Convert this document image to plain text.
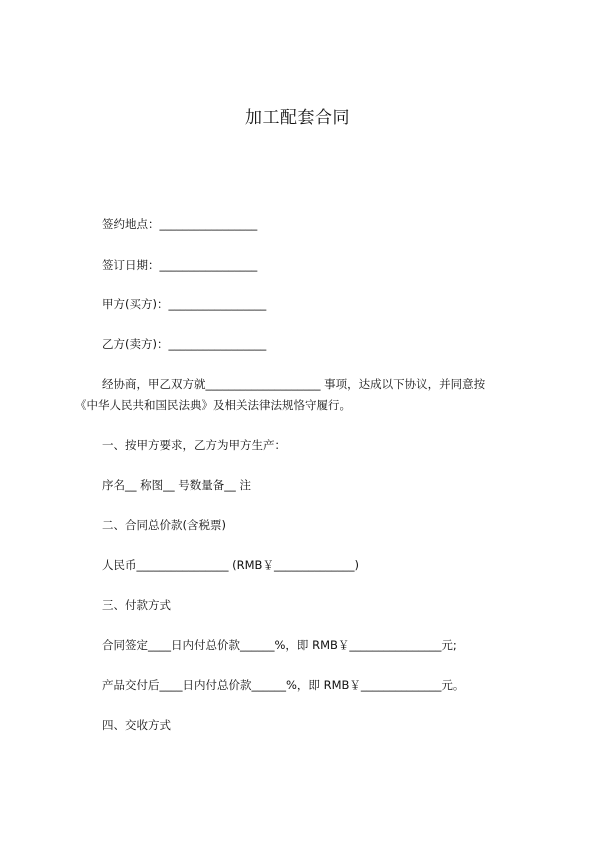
加工配套合同
签约地点：_________________
签订日期：_________________
甲方(买方)：_________________
乙方(卖方)：_________________
经协商，甲乙双方就____________________ 事项，达成以下协议，并同意按
《中华人民共和国民法典》及相关法律法规恪守履行。
一、按甲方要求，乙方为甲方生产：
序名__ 称图__ 号数量备__ 注
二、合同总价款(含税票)
人民币________________ (RMB￥______________)
三、付款方式
合同签定____日内付总价款______%，即 RMB￥________________元;
产品交付后____日内付总价款______%，即 RMB￥______________元。
四、交收方式
